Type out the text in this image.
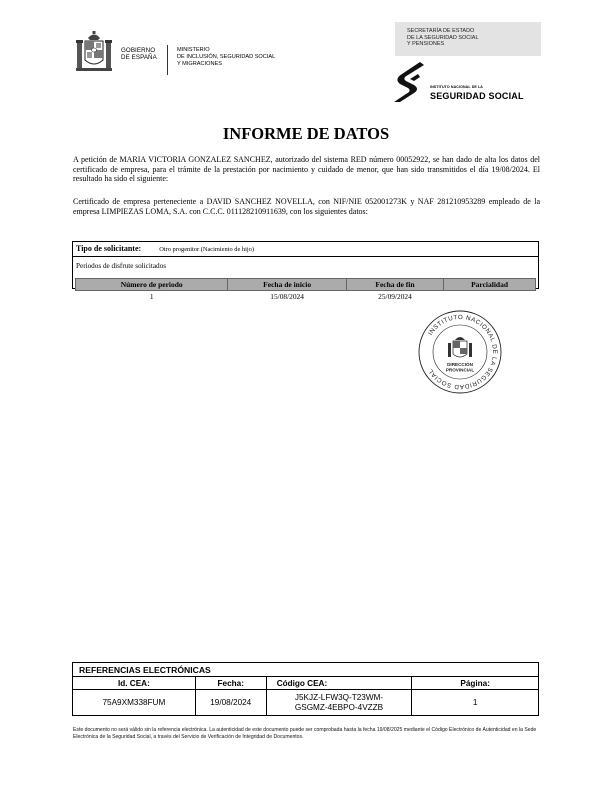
GOBIERNO
DE ESPAÑA
MINISTERIO
DE INCLUSIÓN, SEGURIDAD SOCIAL
Y MIGRACIONES
SECRETARÍA DE ESTADO
DE LA SEGURIDAD SOCIAL
Y PENSIONES
INSTITUTO NACIONAL DE LA
SEGURIDAD SOCIAL
INFORME DE DATOS
A petición de MARIA VICTORIA GONZALEZ SANCHEZ, autorizado del sistema RED número 00052922, se han dado de alta los datos del certificado de empresa, para el trámite de la prestación por nacimiento y cuidado de menor, que han sido transmitidos el día 19/08/2024. El resultado ha sido el siguiente:
Certificado de empresa perteneciente a DAVID SANCHEZ NOVELLA, con NIF/NIE 052001273K y NAF 281210953289 empleado de la empresa LIMPIEZAS LOMA, S.A. con C.C.C. 011128210911639, con los siguientes datos:
Tipo de solicitante:	Otro progenitor (Nacimiento de hijo)
Periodos de disfrute solicitados
Número de periodo	Fecha de inicio	Fecha de fin	Parcialidad
1	15/08/2024	25/09/2024	
INSTITUTO NACIONAL DE LA SEGURIDAD SOCIAL
DIRECCIÓN
PROVINCIAL
REFERENCIAS ELECTRÓNICAS			
Id. CEA:	Fecha:	Código CEA:	Página:
75A9XM338FUM	19/08/2024	J5KJZ-LFW3Q-T23WM-
GSGMZ-4EBPO-4VZZB	1
Este documento no será válido sin la referencia electrónica. La autenticidad de este documento puede ser comprobada hasta la fecha 19/08/2025 mediante el Código Electrónico de Autenticidad en la Sede Electrónica de la Seguridad Social, a través del Servicio de Verificación de Integridad de Documentos.
